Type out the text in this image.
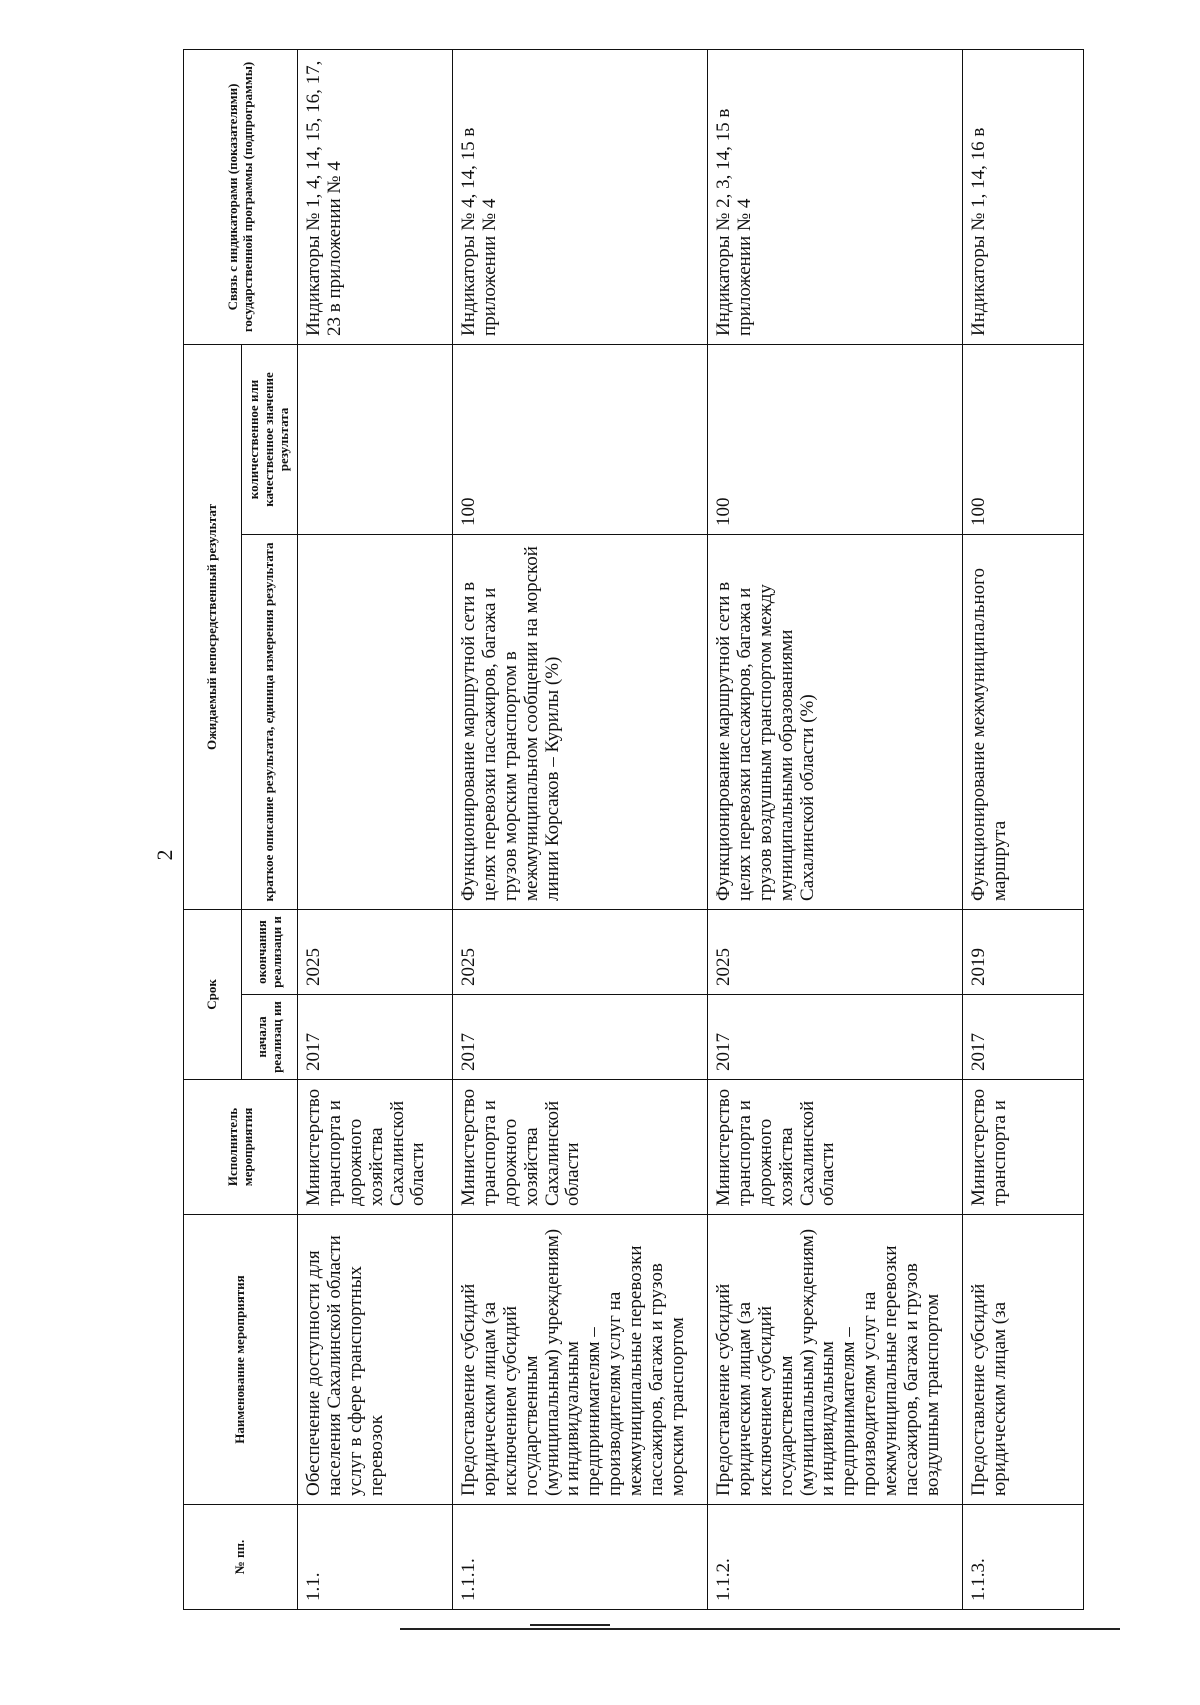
2
№ пп.	Наименование мероприятия	Исполнитель мероприятия	Срок		Ожидаемый непосредственный результат		Связь с индикаторами (показателями) государственной программы (подпрограммы)
			начала реализац ии	окончания реализаци и	краткое описание результата, единица измерения результата	количественное или качественное значение результата	
1.1.	Обеспечение доступности для населения Сахалинской области услуг в сфере транспортных перевозок	Министерство транспорта и дорожного хозяйства Сахалинской области	2017	2025			Индикаторы № 1, 4, 14, 15, 16, 17, 23 в приложении № 4
1.1.1.	Предоставление субсидий юридическим лицам (за исключением субсидий государственным (муниципальным) учреждениям) и индивидуальным предпринимателям – производителям услуг на межмуниципальные перевозки пассажиров, багажа и грузов морским транспортом	Министерство транспорта и дорожного хозяйства Сахалинской области	2017	2025	Функционирование маршрутной сети в целях перевозки пассажиров, багажа и грузов морским транспортом в межмуниципальном сообщении на морской линии Корсаков – Курилы (%)	100	Индикаторы № 4, 14, 15 в приложении № 4
1.1.2.	Предоставление субсидий юридическим лицам (за исключением субсидий государственным (муниципальным) учреждениям) и индивидуальным предпринимателям – производителям услуг на межмуниципальные перевозки пассажиров, багажа и грузов воздушным транспортом	Министерство транспорта и дорожного хозяйства Сахалинской области	2017	2025	Функционирование маршрутной сети в целях перевозки пассажиров, багажа и грузов воздушным транспортом между муниципальными образованиями Сахалинской области (%)	100	Индикаторы № 2, 3, 14, 15 в приложении № 4
1.1.3.	Предоставление субсидий юридическим лицам (за	Министерство транспорта и	2017	2019	Функционирование межмуниципального маршрута	100	Индикаторы № 1, 14, 16 в
